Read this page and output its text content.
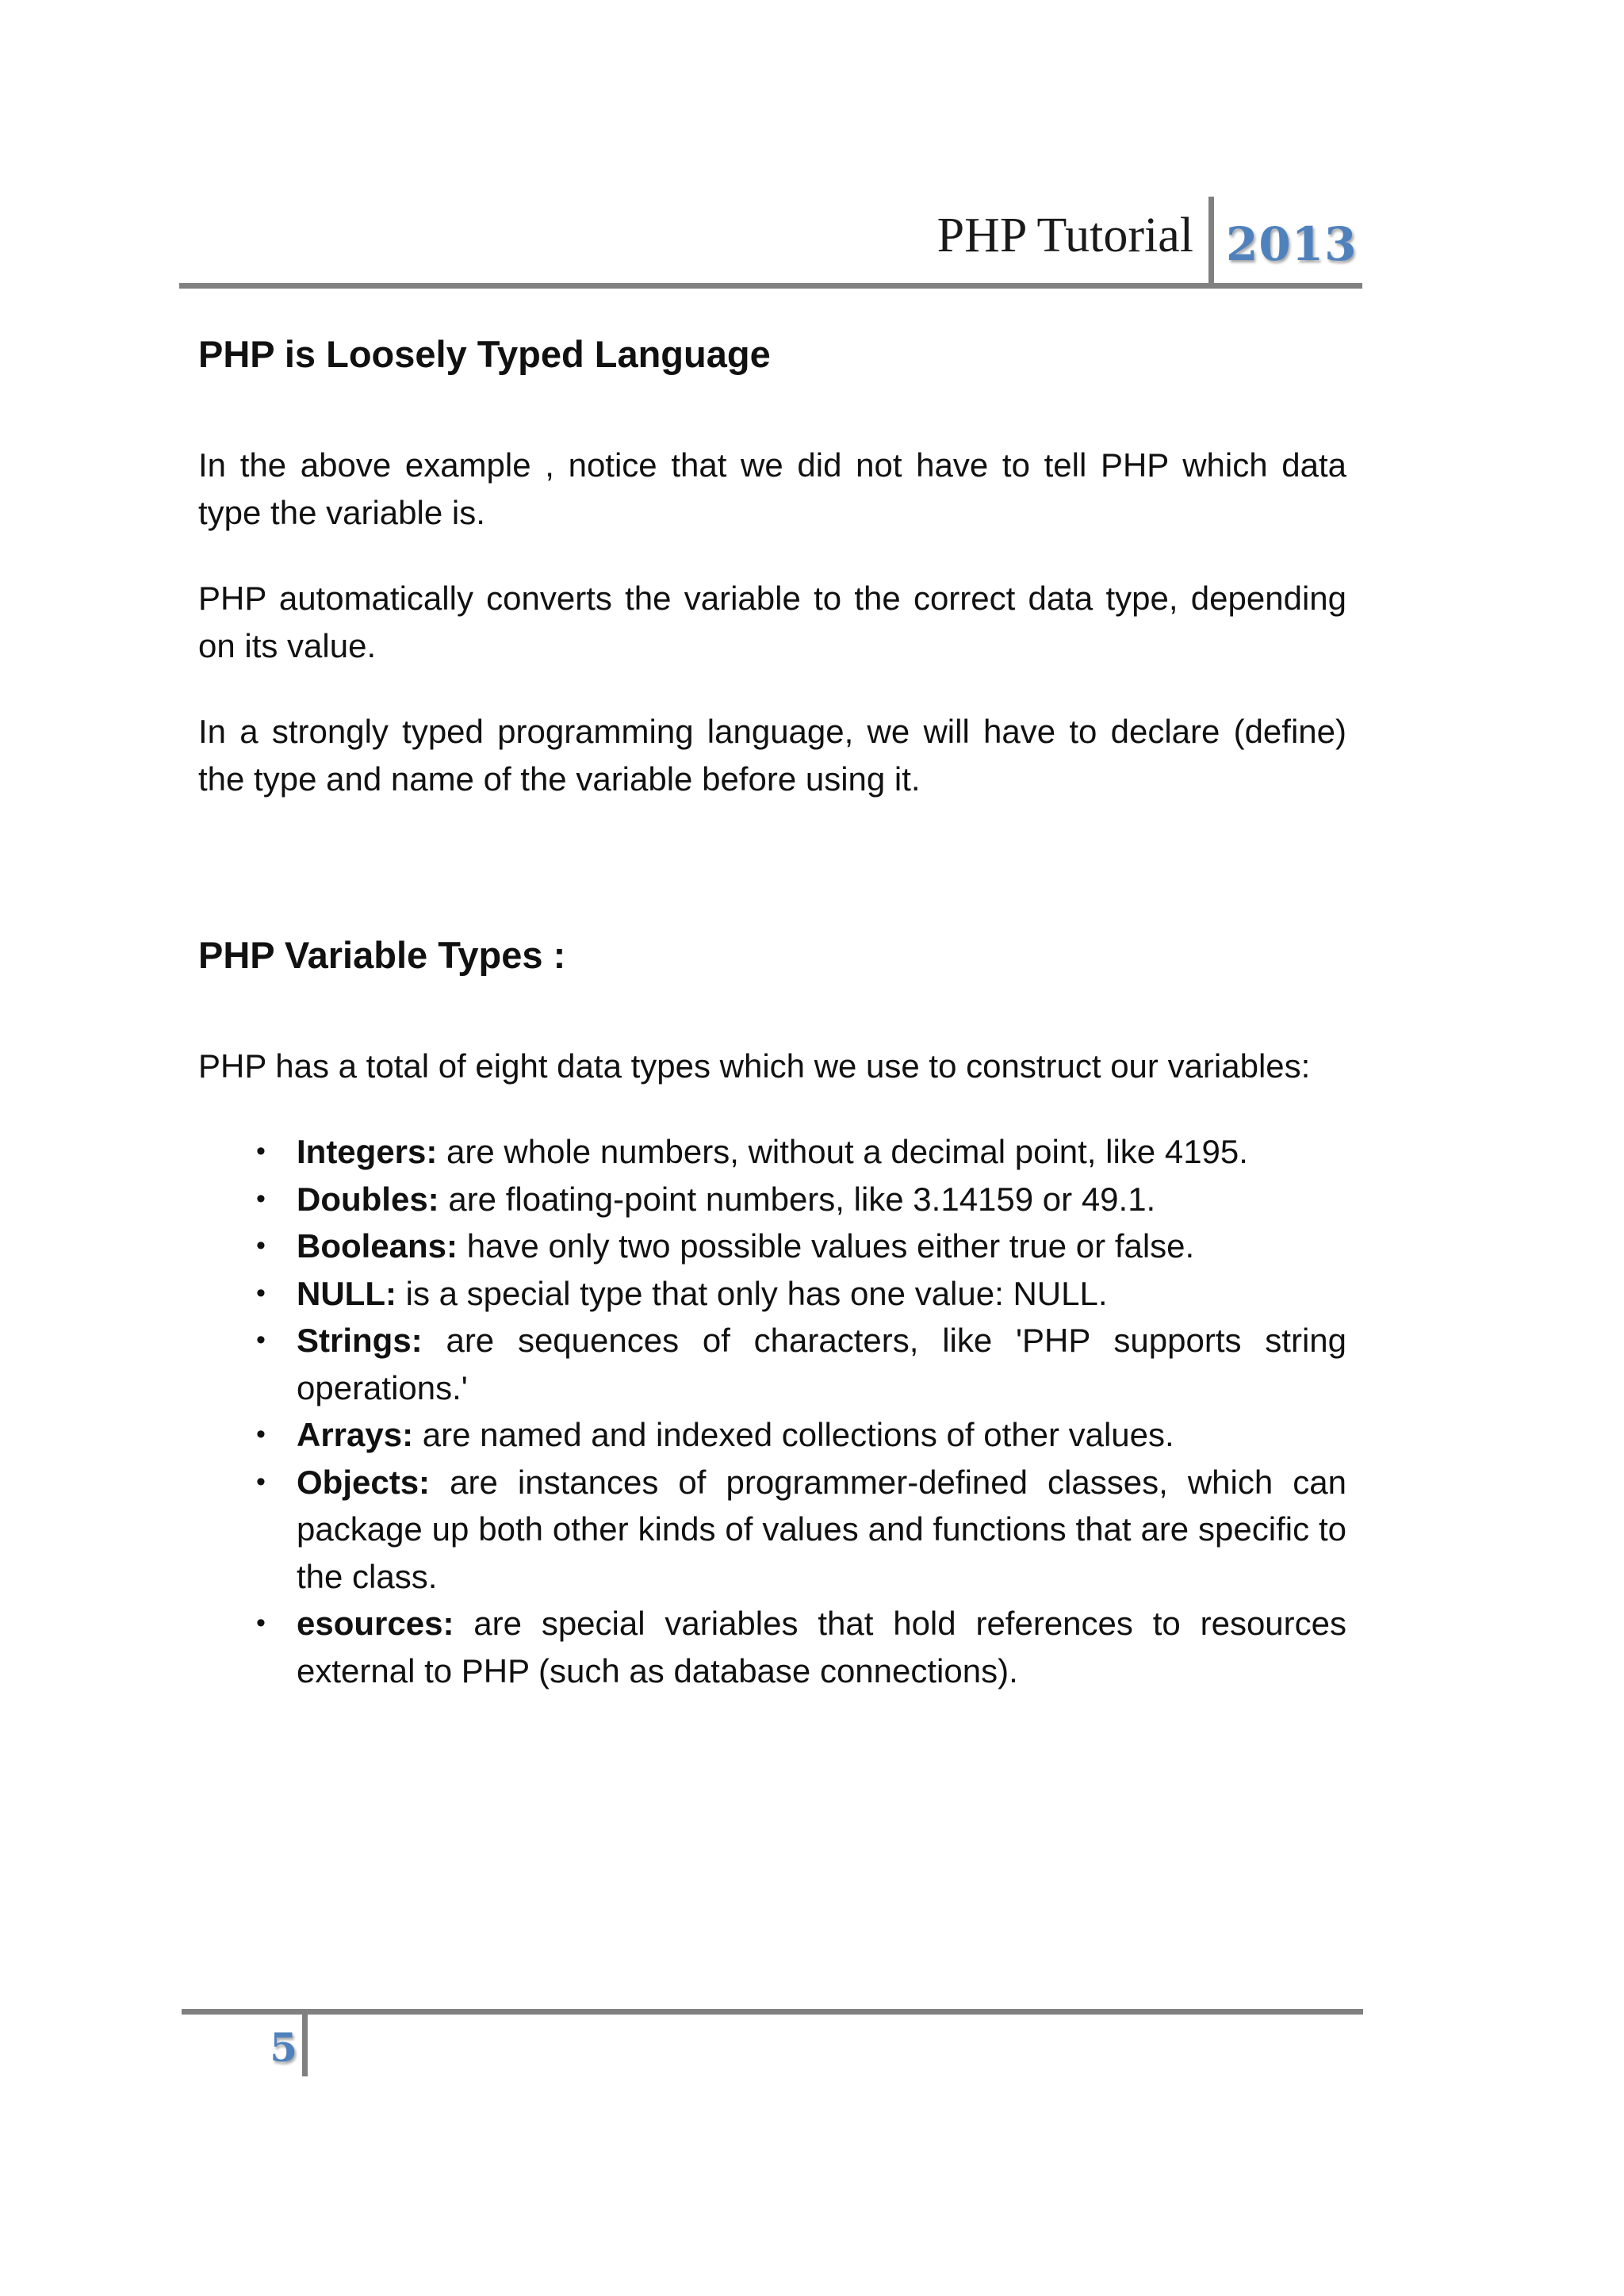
PHP Tutorial 2013
PHP is Loosely Typed Language

In the above example , notice that we did not have to tell PHP which data type the variable is.

PHP automatically converts the variable to the correct data type, depending on its value.

In a strongly typed programming language, we will have to declare (define) the type and name of the variable before using it.

PHP Variable Types :

PHP has a total of eight data types which we use to construct our variables:

• Integers: are whole numbers, without a decimal point, like 4195.
• Doubles: are floating-point numbers, like 3.14159 or 49.1.
• Booleans: have only two possible values either true or false.
• NULL: is a special type that only has one value: NULL.
• Strings: are sequences of characters, like 'PHP supports string operations.'
• Arrays: are named and indexed collections of other values.
• Objects: are instances of programmer-defined classes, which can package up both other kinds of values and functions that are specific to the class.
• esources: are special variables that hold references to resources external to PHP (such as database connections).
5
